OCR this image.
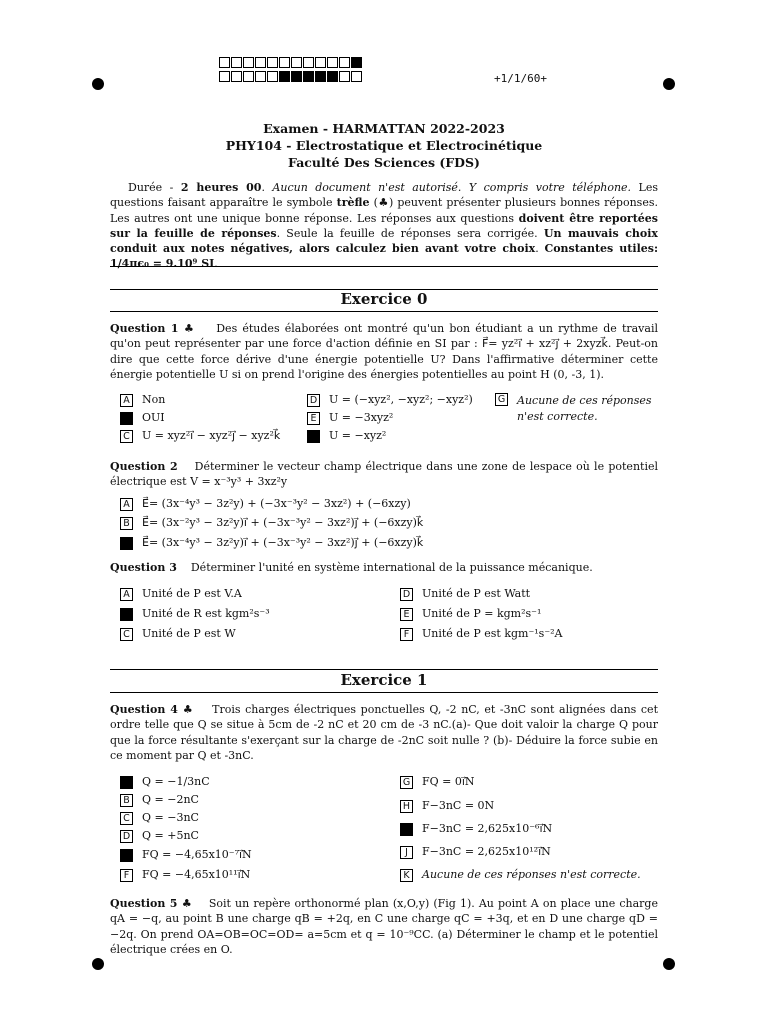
+1/1/60+
Examen - HARMATTAN 2022-2023
PHY104 - Electrostatique et Electrocinétique
Faculté Des Sciences (FDS)
Durée - 2 heures 00. Aucun document n'est autorisé. Y compris votre téléphone. Les questions faisant apparaître le symbole trèfle (♣) peuvent présenter plusieurs bonnes réponses. Les autres ont une unique bonne réponse. Les réponses aux questions doivent être reportées sur la feuille de réponses. Seule la feuille de réponses sera corrigée. Un mauvais choix conduit aux notes négatives, alors calculez bien avant votre choix. Constantes utiles: 1/4πϵ₀ = 9.10⁹ SI.
Exercice 0
Question 1 ♣ Des études élaborées ont montré qu'un bon étudiant a un rythme de travail qu'on peut représenter par une force d'action définie en SI par : F⃗= yz²i⃗ + xz²j⃗ + 2xyzk⃗. Peut-on dire que cette force dérive d'une énergie potentielle U? Dans l'affirmative déterminer cette énergie potentielle U si on prend l'origine des énergies potentielles au point H (0, -3, 1).
A Non
B OUI
C U = xyz²i⃗ − xyz²j⃗ − xyz²k⃗
D U = (−xyz², −xyz²; −xyz²)
E	U = −3xyz²
F	U = −xyz²
G Aucune de ces réponses
n'est correcte.
Question 2 Déterminer le vecteur champ électrique dans une zone de lespace où le potentiel électrique est V = x⁻³y³ + 3xz²y
A E⃗= (3x⁻⁴y³ − 3z²y) + (−3x⁻³y² − 3xz²) + (−6xzy)
B E⃗= (3x⁻²y³ − 3z²y)i⃗ + (−3x⁻³y² − 3xz²)j⃗ + (−6xzy)k⃗
C E⃗= (3x⁻⁴y³ − 3z²y)i⃗ + (−3x⁻³y² − 3xz²)j⃗ + (−6xzy)k⃗
Question 3 Déterminer l'unité en système international de la puissance mécanique.
A Unité de P est V.A
B Unité de R est kgm²s⁻³
C Unité de P est W
D Unité de P est Watt
E	Unité de P = kgm²s⁻¹
F	Unité de P est kgm⁻¹s⁻²A
Exercice 1
Question 4 ♣ Trois charges électriques ponctuelles Q, -2 nC, et -3nC sont alignées dans cet ordre telle que Q se situe à 5cm de -2 nC et 20 cm de -3 nC.(a)- Que doit valoir la charge Q pour que la force résultante s'exerçant sur la charge de -2nC soit nulle ? (b)- Déduire la force subie en ce moment par Q et -3nC.
A Q = −1/3nC
B Q = −2nC
C Q = −3nC
D Q = +5nC
E	FQ = −4,65x10⁻⁷i⃗N
F	FQ = −4,65x10¹¹i⃗N
G FQ = 0i⃗N
H F−3nC = 0N
I	F−3nC = 2,625x10⁻⁶i⃗N
J	F−3nC = 2,625x10¹²i⃗N
K	Aucune de ces réponses n'est correcte.
Question 5 ♣ Soit un repère orthonormé plan (x,O,y) (Fig 1). Au point A on place une charge qA = −q, au point B une charge qB = +2q, en C une charge qC = +3q, et en D une charge qD = −2q. On prend OA=OB=OC=OD= a=5cm et q = 10⁻⁹CC. (a) Déterminer le champ et le potentiel électrique crées en O.
